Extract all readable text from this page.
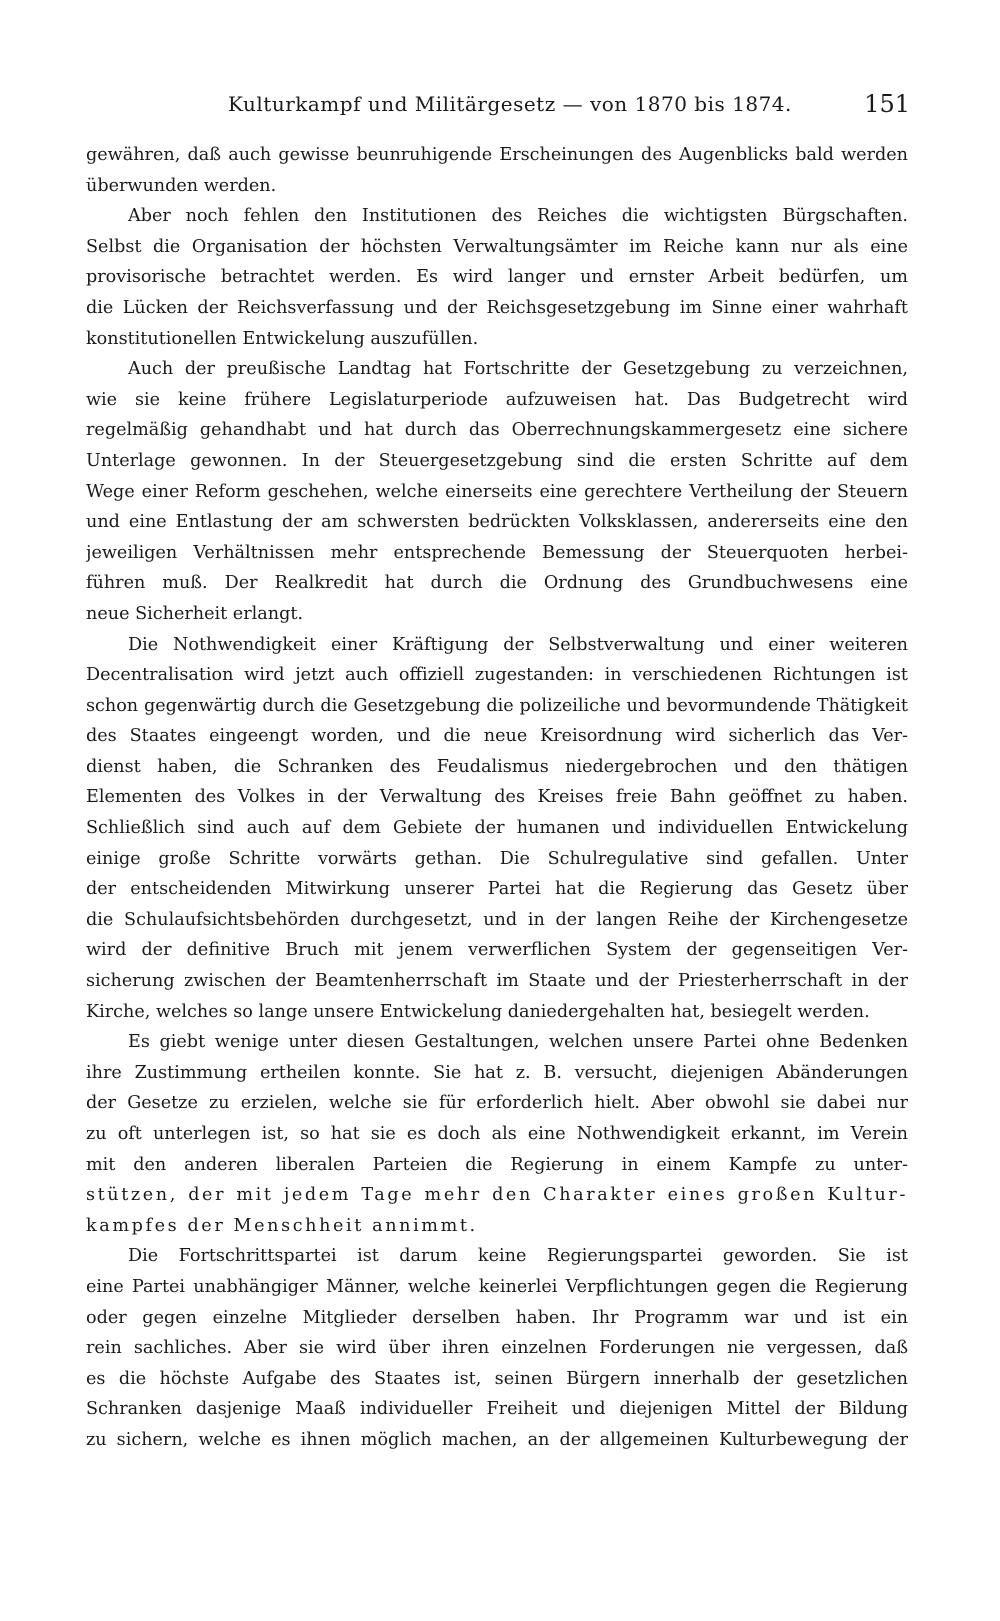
Kulturkampf und Militärgesetz — von 1870 bis 1874.	151
gewähren, daß auch gewisse beunruhigende Erscheinungen des Augenblicks bald werden
überwunden werden.
Aber noch fehlen den Institutionen des Reiches die wichtigsten Bürgschaften.
Selbst die Organisation der höchsten Verwaltungsämter im Reiche kann nur als eine
provisorische betrachtet werden. Es wird langer und ernster Arbeit bedürfen, um
die Lücken der Reichsverfassung und der Reichsgesetzgebung im Sinne einer wahrhaft
konstitutionellen Entwickelung auszufüllen.
Auch der preußische Landtag hat Fortschritte der Gesetzgebung zu verzeichnen,
wie sie keine frühere Legislaturperiode aufzuweisen hat. Das Budgetrecht wird
regelmäßig gehandhabt und hat durch das Oberrechnungskammergesetz eine sichere
Unterlage gewonnen. In der Steuergesetzgebung sind die ersten Schritte auf dem
Wege einer Reform geschehen, welche einerseits eine gerechtere Vertheilung der Steuern
und eine Entlastung der am schwersten bedrückten Volksklassen, andererseits eine den
jeweiligen Verhältnissen mehr entsprechende Bemessung der Steuerquoten herbei-
führen muß. Der Realkredit hat durch die Ordnung des Grundbuchwesens eine
neue Sicherheit erlangt.
Die Nothwendigkeit einer Kräftigung der Selbstverwaltung und einer weiteren
Decentralisation wird jetzt auch offiziell zugestanden: in verschiedenen Richtungen ist
schon gegenwärtig durch die Gesetzgebung die polizeiliche und bevormundende Thätigkeit
des Staates eingeengt worden, und die neue Kreisordnung wird sicherlich das Ver-
dienst haben, die Schranken des Feudalismus niedergebrochen und den thätigen
Elementen des Volkes in der Verwaltung des Kreises freie Bahn geöffnet zu haben.
Schließlich sind auch auf dem Gebiete der humanen und individuellen Entwickelung
einige große Schritte vorwärts gethan. Die Schulregulative sind gefallen. Unter
der entscheidenden Mitwirkung unserer Partei hat die Regierung das Gesetz über
die Schulaufsichtsbehörden durchgesetzt, und in der langen Reihe der Kirchengesetze
wird der definitive Bruch mit jenem verwerflichen System der gegenseitigen Ver-
sicherung zwischen der Beamtenherrschaft im Staate und der Priesterherrschaft in der
Kirche, welches so lange unsere Entwickelung daniedergehalten hat, besiegelt werden.
Es giebt wenige unter diesen Gestaltungen, welchen unsere Partei ohne Bedenken
ihre Zustimmung ertheilen konnte. Sie hat z. B. versucht, diejenigen Abänderungen
der Gesetze zu erzielen, welche sie für erforderlich hielt. Aber obwohl sie dabei nur
zu oft unterlegen ist, so hat sie es doch als eine Nothwendigkeit erkannt, im Verein
mit den anderen liberalen Parteien die Regierung in einem Kampfe zu unter-
stützen, der mit jedem Tage mehr den Charakter eines großen Kultur-
kampfes der Menschheit annimmt.
Die Fortschrittspartei ist darum keine Regierungspartei geworden. Sie ist
eine Partei unabhängiger Männer, welche keinerlei Verpflichtungen gegen die Regierung
oder gegen einzelne Mitglieder derselben haben. Ihr Programm war und ist ein
rein sachliches. Aber sie wird über ihren einzelnen Forderungen nie vergessen, daß
es die höchste Aufgabe des Staates ist, seinen Bürgern innerhalb der gesetzlichen
Schranken dasjenige Maaß individueller Freiheit und diejenigen Mittel der Bildung
zu sichern, welche es ihnen möglich machen, an der allgemeinen Kulturbewegung der
